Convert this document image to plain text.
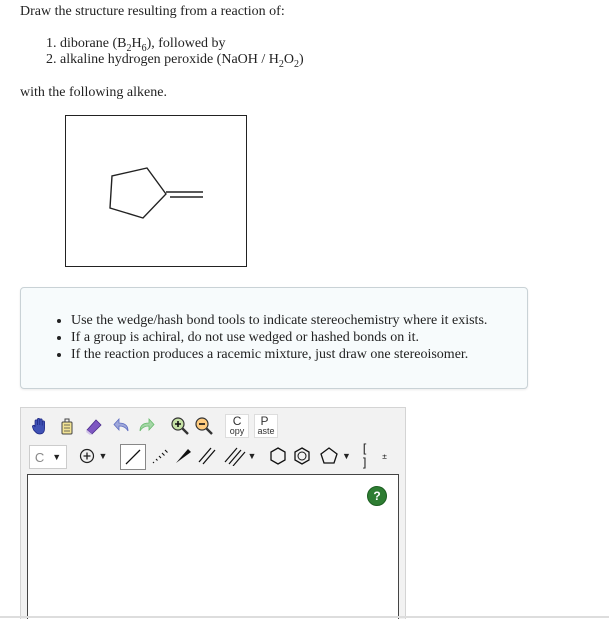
Draw the structure resulting from a reaction of:
1. diborane $(B_2H_6)$, followed by
2. alkaline hydrogen peroxide (NaOH / $H_2O_2$)
with the following alkene.
• Use the wedge/hash bond tools to indicate stereochemistry where it exists.
• If a group is achiral, do not use wedged or hashed bonds on it.
• If the reaction produces a racemic mixture, just draw one stereoisomer.
C
opy
P
aste
C ▼	▼	▼	▼ [ ]	±
?
